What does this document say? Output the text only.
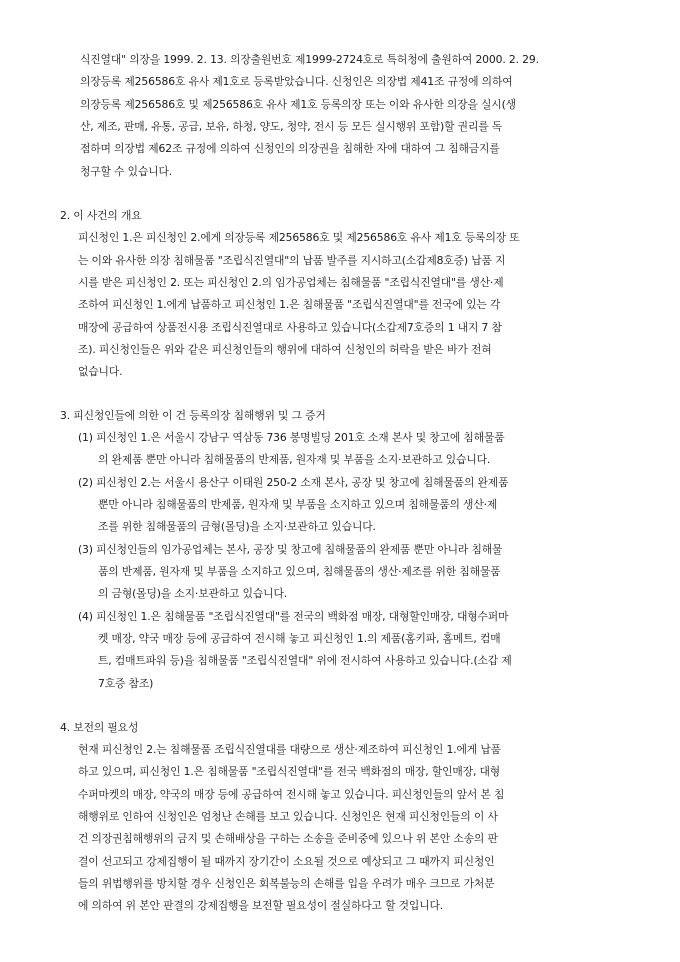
식진열대" 의장을 1999. 2. 13. 의장출원번호 제1999-2724호로 특허청에 출원하여 2000. 2. 29.
의장등록 제256586호 유사 제1호로 등록받았습니다. 신청인은 의장법 제41조 규정에 의하여
의장등록 제256586호 및 제256586호 유사 제1호 등록의장 또는 이와 유사한 의장을 실시(생
산, 제조, 판매, 유통, 공급, 보유, 하청, 양도, 청약, 전시 등 모든 실시행위 포함)할 권리를 독
점하며 의장법 제62조 규정에 의하여 신청인의 의장권을 침해한 자에 대하여 그 침해금지를
청구할 수 있습니다.
2. 이 사건의 개요
피신청인 1.은 피신청인 2.에게 의장등록 제256586호 및 제256586호 유사 제1호 등록의장 또
는 이와 유사한 의장 침해물품 "조립식진열대"의 납품 발주를 지시하고(소갑제8호증) 납품 지
시를 받은 피신청인 2. 또는 피신청인 2.의 임가공업체는 침해물품 "조립식진열대"를 생산·제
조하여 피신청인 1.에게 납품하고 피신청인 1.은 침해물품 "조립식진열대"를 전국에 있는 각
매장에 공급하여 상품전시용 조립식진열대로 사용하고 있습니다(소갑제7호증의 1 내지 7 참
조). 피신청인들은 위와 같은 피신청인들의 행위에 대하여 신청인의 허락을 받은 바가 전혀
없습니다.
3. 피신청인들에 의한 이 건 등록의장 침해행위 및 그 증거
(1) 피신청인 1.은 서울시 강남구 역삼동 736 봉명빌딩 201호 소재 본사 및 창고에 침해물품
의 완제품 뿐만 아니라 침해물품의 반제품, 원자재 및 부품을 소지·보관하고 있습니다.
(2) 피신청인 2.는 서울시 용산구 이태원 250-2 소재 본사, 공장 및 창고에 침해물품의 완제품
뿐만 아니라 침해물품의 반제품, 원자재 및 부품을 소지하고 있으며 침해물품의 생산·제
조를 위한 침해물품의 금형(몰딩)을 소지·보관하고 있습니다.
(3) 피신청인들의 임가공업체는 본사, 공장 및 창고에 침해물품의 완제품 뿐만 아니라 침해물
품의 반제품, 원자재 및 부품을 소지하고 있으며, 침해물품의 생산·제조를 위한 침해물품
의 금형(몰딩)을 소지·보관하고 있습니다.
(4) 피신청인 1.은 침해물품 "조립식진열대"를 전국의 백화점 매장, 대형할인매장, 대형수퍼마
켓 매장, 약국 매장 등에 공급하여 전시해 놓고 피신청인 1.의 제품(홈키파, 홈메트, 컴매
트, 컴매트파워 등)을 침해물품 "조립식진열대" 위에 전시하여 사용하고 있습니다.(소갑 제
7호증 참조)
4. 보전의 필요성
현재 피신청인 2.는 침해물품 조립식진열대를 대량으로 생산·제조하여 피신청인 1.에게 납품
하고 있으며, 피신청인 1.은 침해물품 "조립식진열대"를 전국 백화점의 매장, 할인매장, 대형
수퍼마켓의 매장, 약국의 매장 등에 공급하여 전시해 놓고 있습니다. 피신청인들의 앞서 본 침
해행위로 인하여 신청인은 엄청난 손해를 보고 있습니다. 신청인은 현재 피신청인들의 이 사
건 의장권침해행위의 금지 및 손해배상을 구하는 소송을 준비중에 있으나 위 본안 소송의 판
결이 선고되고 강제집행이 될 때까지 장기간이 소요될 것으로 예상되고 그 때까지 피신청인
들의 위법행위를 방치할 경우 신청인은 회복불능의 손해를 입을 우려가 매우 크므로 가처분
에 의하여 위 본안 판결의 강제집행을 보전할 필요성이 절실하다고 할 것입니다.
